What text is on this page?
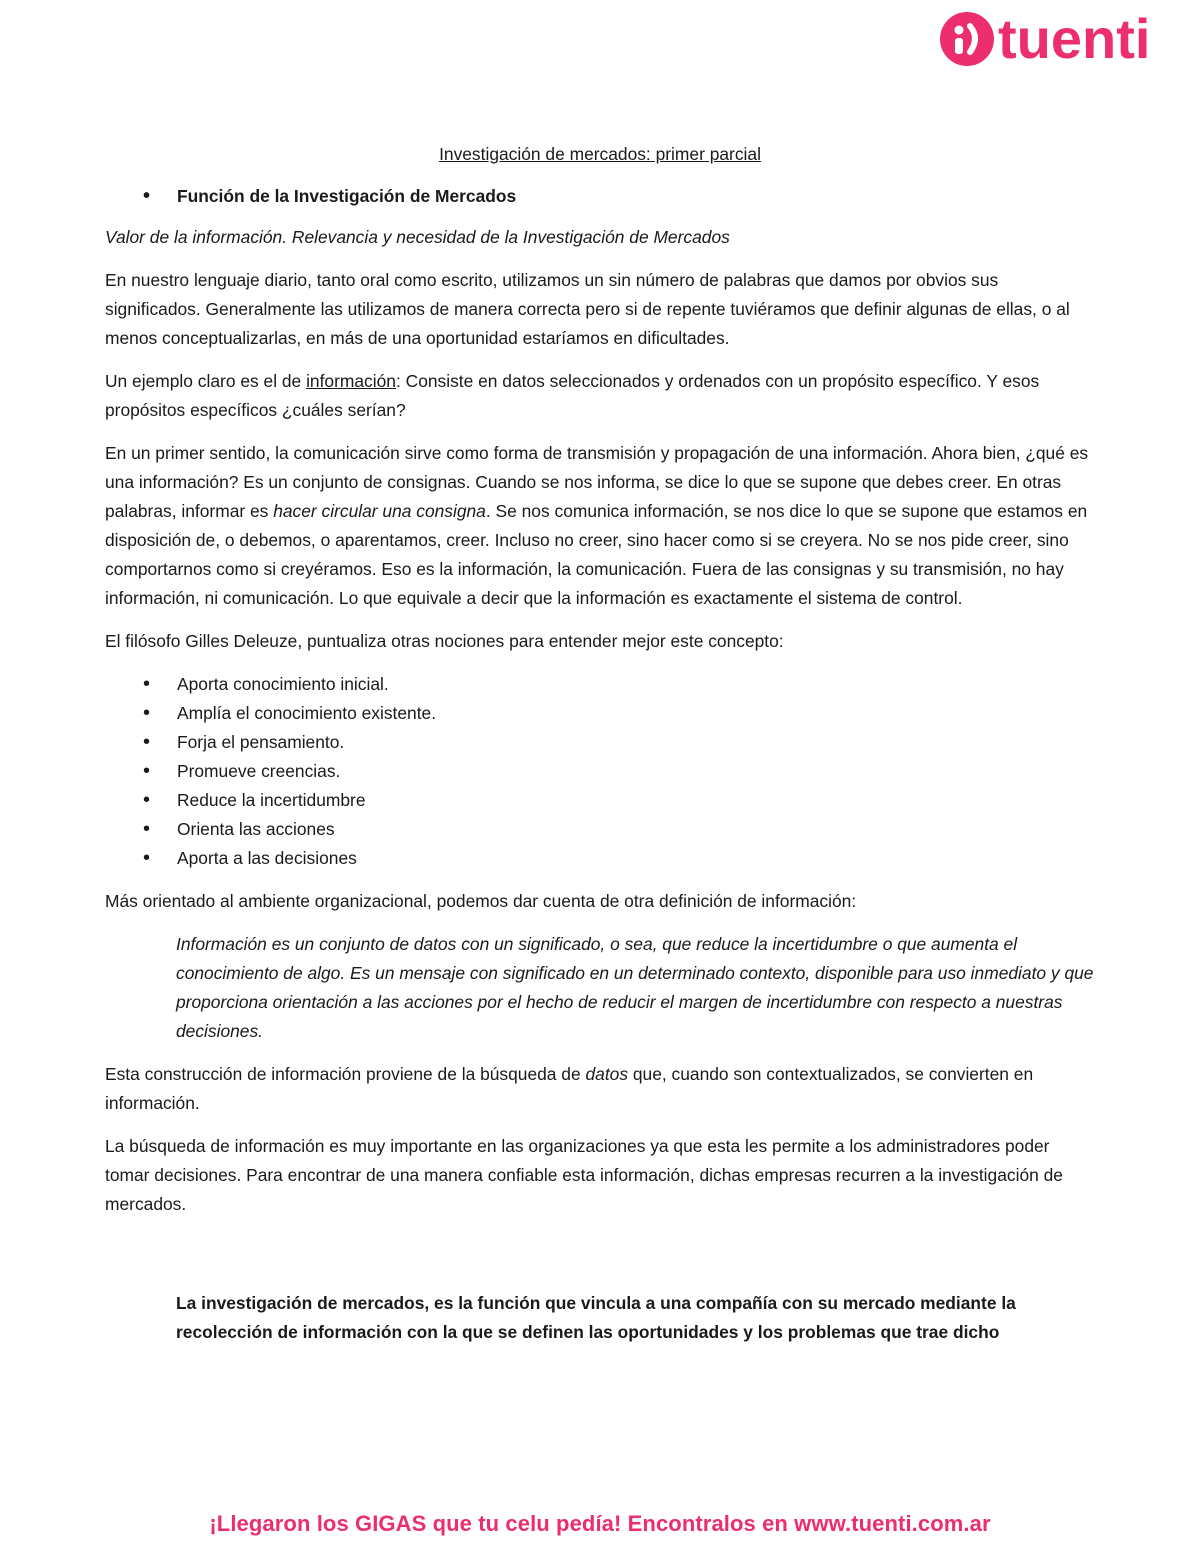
tuenti
Investigación de mercados: primer parcial
• Función de la Investigación de Mercados

Valor de la información. Relevancia y necesidad de la Investigación de Mercados

En nuestro lenguaje diario, tanto oral como escrito, utilizamos un sin número de palabras que damos por obvios sus significados. Generalmente las utilizamos de manera correcta pero si de repente tuviéramos que definir algunas de ellas, o al menos conceptualizarlas, en más de una oportunidad estaríamos en dificultades.

Un ejemplo claro es el de información: Consiste en datos seleccionados y ordenados con un propósito específico. Y esos propósitos específicos ¿cuáles serían?

En un primer sentido, la comunicación sirve como forma de transmisión y propagación de una información. Ahora bien, ¿qué es una información? Es un conjunto de consignas. Cuando se nos informa, se dice lo que se supone que debes creer. En otras palabras, informar es hacer circular una consigna. Se nos comunica información, se nos dice lo que se supone que estamos en disposición de, o debemos, o aparentamos, creer. Incluso no creer, sino hacer como si se creyera. No se nos pide creer, sino comportarnos como si creyéramos. Eso es la información, la comunicación. Fuera de las consignas y su transmisión, no hay información, ni comunicación. Lo que equivale a decir que la información es exactamente el sistema de control.

El filósofo Gilles Deleuze, puntualiza otras nociones para entender mejor este concepto:

• Aporta conocimiento inicial.
• Amplía el conocimiento existente.
• Forja el pensamiento.
• Promueve creencias.
• Reduce la incertidumbre
• Orienta las acciones
• Aporta a las decisiones

Más orientado al ambiente organizacional, podemos dar cuenta de otra definición de información:

Información es un conjunto de datos con un significado, o sea, que reduce la incertidumbre o que aumenta el conocimiento de algo. Es un mensaje con significado en un determinado contexto, disponible para uso inmediato y que proporciona orientación a las acciones por el hecho de reducir el margen de incertidumbre con respecto a nuestras decisiones.

Esta construcción de información proviene de la búsqueda de datos que, cuando son contextualizados, se convierten en información.

La búsqueda de información es muy importante en las organizaciones ya que esta les permite a los administradores poder tomar decisiones. Para encontrar de una manera confiable esta información, dichas empresas recurren a la investigación de mercados.

La investigación de mercados, es la función que vincula a una compañía con su mercado mediante la recolección de información con la que se definen las oportunidades y los problemas que trae dicho

¡Llegaron los GIGAS que tu celu pedía! Encontralos en www.tuenti.com.ar
